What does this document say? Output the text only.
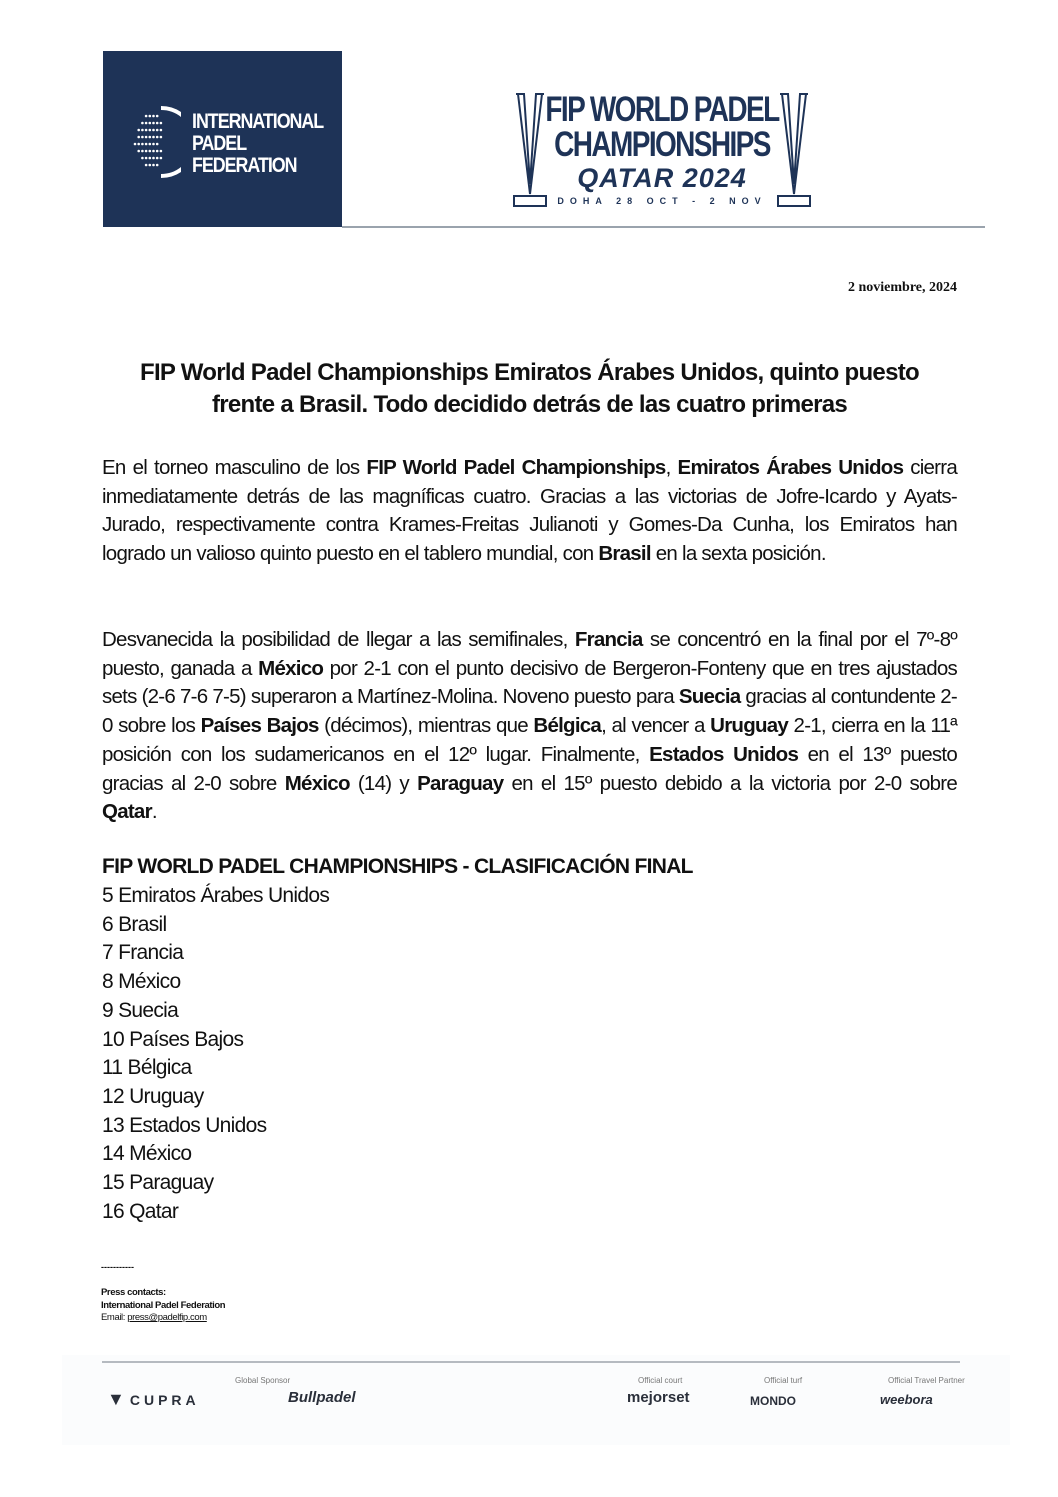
INTERNATIONAL
PADEL
FEDERATION
FIP WORLD PADEL
CHAMPIONSHIPS
QATAR 2024
DOHA 28 OCT - 2 NOV
2 noviembre, 2024
FIP World Padel Championships Emiratos Árabes Unidos, quinto puesto
frente a Brasil. Todo decidido detrás de las cuatro primeras
En el torneo masculino de los FIP World Padel Championships, Emiratos Árabes Unidos cierra inmediatamente detrás de las magníficas cuatro. Gracias a las victorias de Jofre-Icardo y Ayats-Jurado, respectivamente contra Krames-Freitas Julianoti y Gomes-Da Cunha, los Emiratos han logrado un valioso quinto puesto en el tablero mundial, con Brasil en la sexta posición.
Desvanecida la posibilidad de llegar a las semifinales, Francia se concentró en la final por el 7º-8º puesto, ganada a México por 2-1 con el punto decisivo de Bergeron-Fonteny que en tres ajustados sets (2-6 7-6 7-5) superaron a Martínez-Molina. Noveno puesto para Suecia gracias al contundente 2-0 sobre los Países Bajos (décimos), mientras que Bélgica, al vencer a Uruguay 2-1, cierra en la 11ª posición con los sudamericanos en el 12º lugar. Finalmente, Estados Unidos en el 13º puesto gracias al 2-0 sobre México (14) y Paraguay en el 15º puesto debido a la victoria por 2-0 sobre Qatar.
FIP WORLD PADEL CHAMPIONSHIPS - CLASIFICACIÓN FINAL
5 Emiratos Árabes Unidos
6 Brasil
7 Francia
8 México
9 Suecia
10 Países Bajos
11 Bélgica
12 Uruguay
13 Estados Unidos
14 México
15 Paraguay
16 Qatar
-----------
Press contacts:
International Padel Federation
Email: press@padelfip.com
Global Sponsor	Official court	Official turf	Official Travel Partner
▼ CUPRA	Bullpadel	mejorset	MONDO	weebora
